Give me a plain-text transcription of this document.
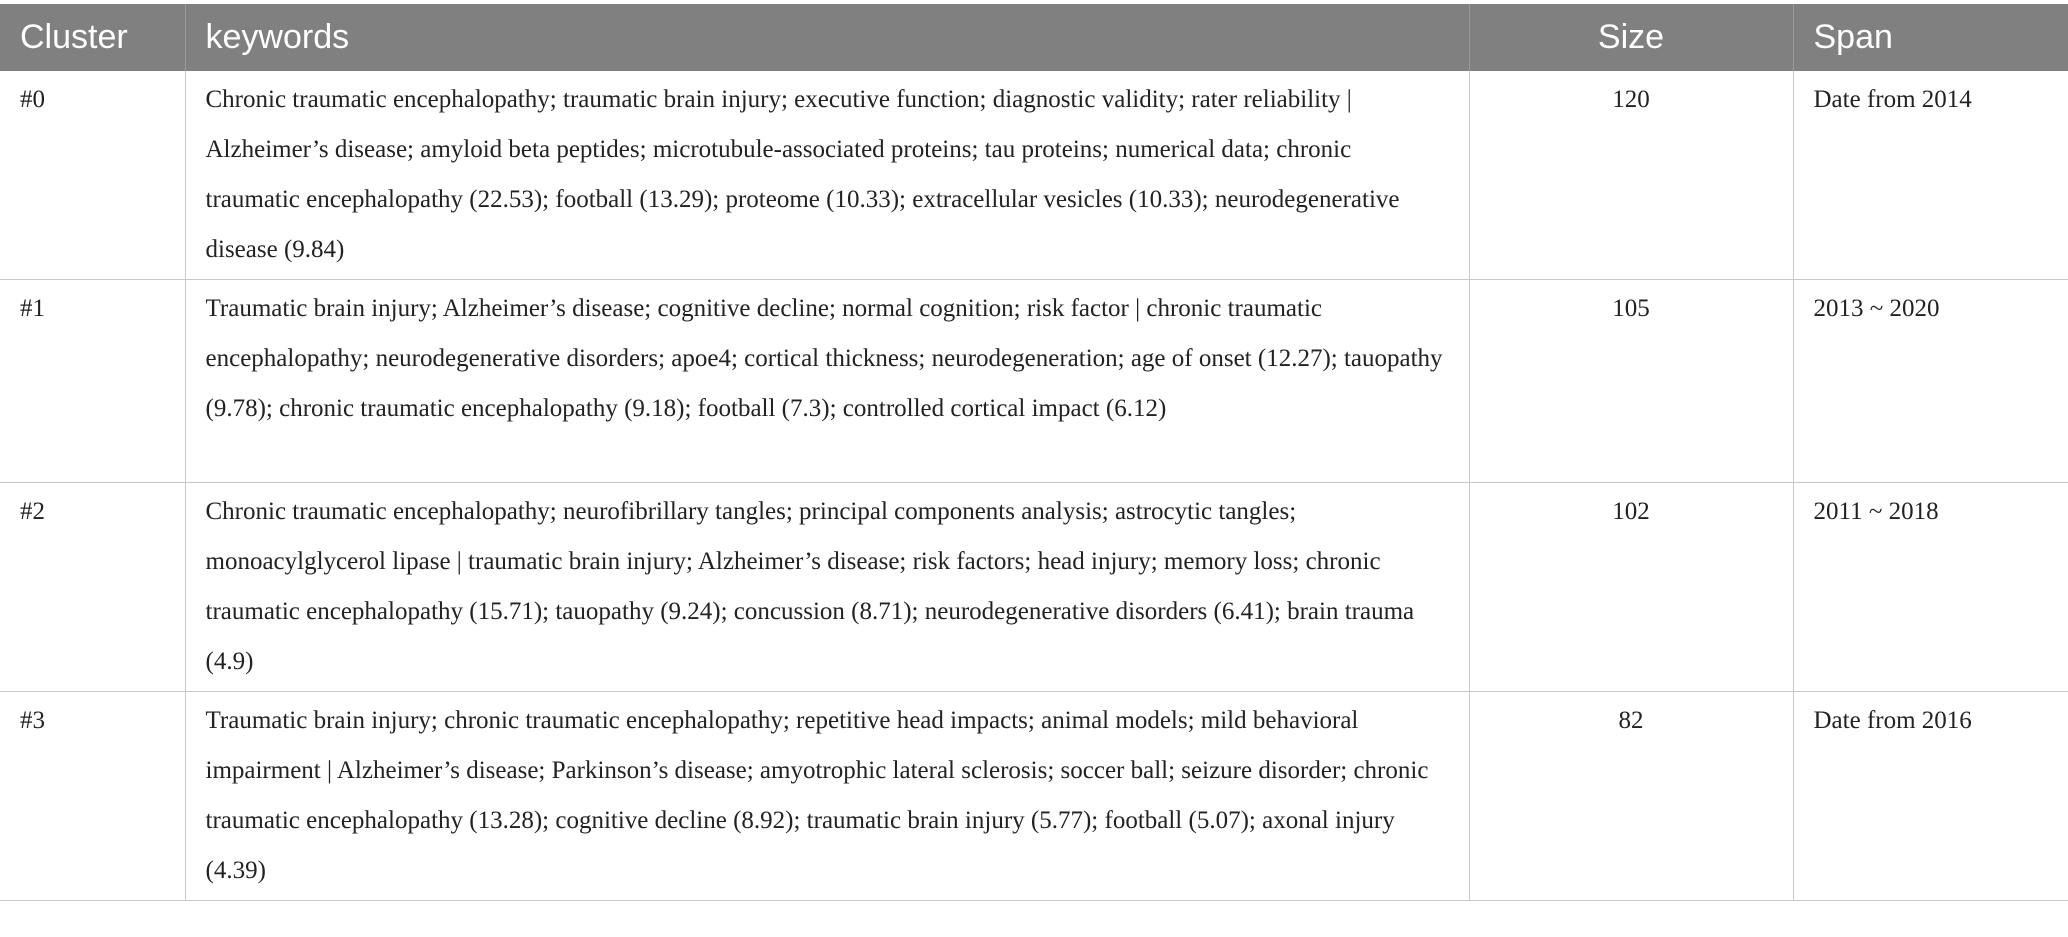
Cluster	keywords	Size	Span
#0	Chronic traumatic encephalopathy; traumatic brain injury; executive function; diagnostic validity; rater reliability | Alzheimer’s disease; amyloid beta peptides; microtubule-associated proteins; tau proteins; numerical data; chronic traumatic encephalopathy (22.53); football (13.29); proteome (10.33); extracellular vesicles (10.33); neurodegenerative disease (9.84)	120	Date from 2014
#1	Traumatic brain injury; Alzheimer’s disease; cognitive decline; normal cognition; risk factor | chronic traumatic encephalopathy; neurodegenerative disorders; apoe4; cortical thickness; neurodegeneration; age of onset (12.27); tauopathy (9.78); chronic traumatic encephalopathy (9.18); football (7.3); controlled cortical impact (6.12)	105	2013 ~ 2020
#2	Chronic traumatic encephalopathy; neurofibrillary tangles; principal components analysis; astrocytic tangles; monoacylglycerol lipase | traumatic brain injury; Alzheimer’s disease; risk factors; head injury; memory loss; chronic traumatic encephalopathy (15.71); tauopathy (9.24); concussion (8.71); neurodegenerative disorders (6.41); brain trauma (4.9)	102	2011 ~ 2018
#3	Traumatic brain injury; chronic traumatic encephalopathy; repetitive head impacts; animal models; mild behavioral impairment | Alzheimer’s disease; Parkinson’s disease; amyotrophic lateral sclerosis; soccer ball; seizure disorder; chronic traumatic encephalopathy (13.28); cognitive decline (8.92); traumatic brain injury (5.77); football (5.07); axonal injury (4.39)	82	Date from 2016
